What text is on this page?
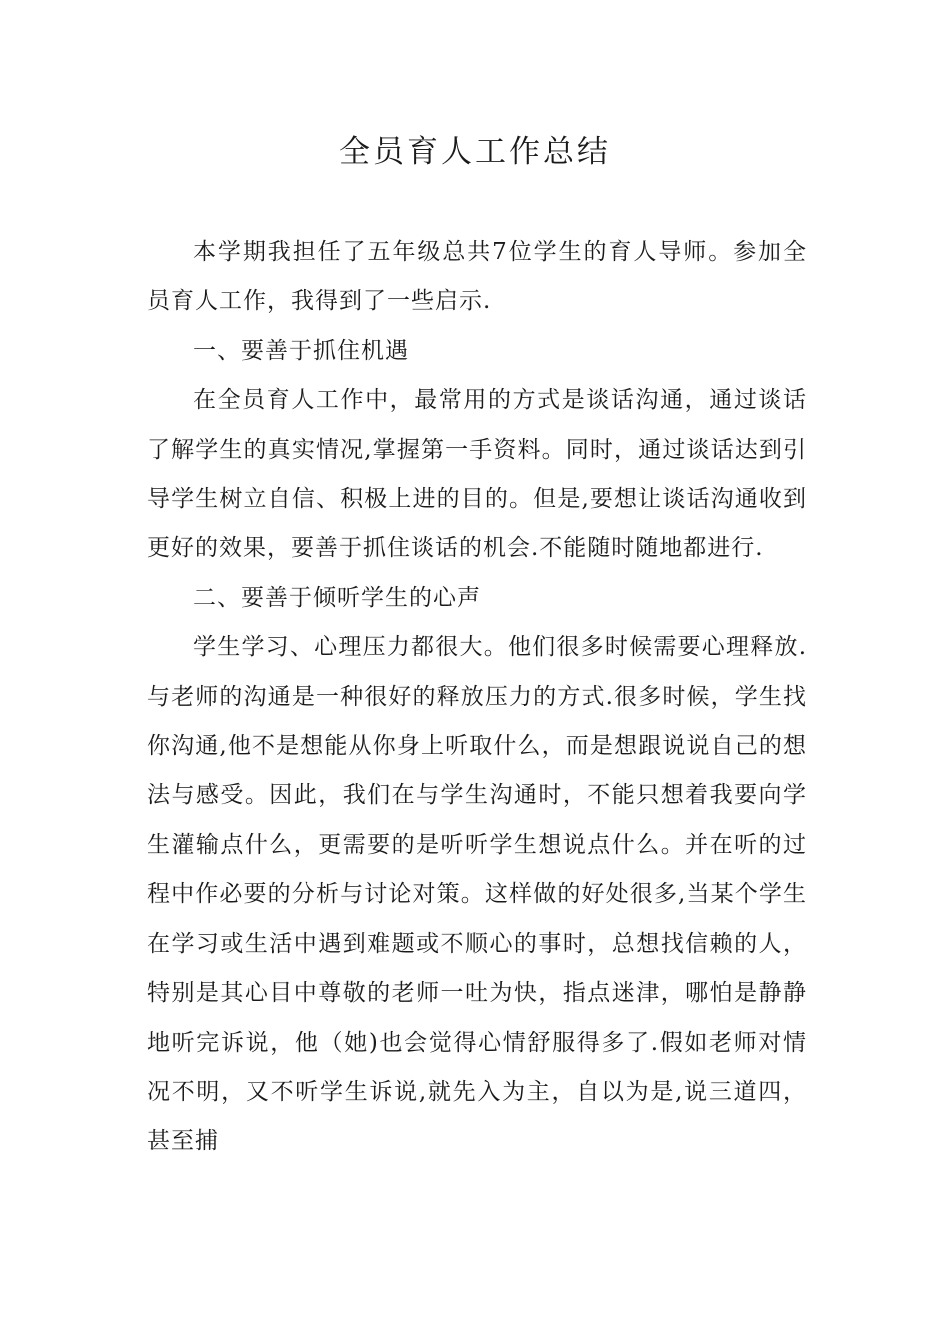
全员育人工作总结

本学期我担任了五年级总共7位学生的育人导师。参加全员育人工作，我得到了一些启示.

一、要善于抓住机遇

在全员育人工作中，最常用的方式是谈话沟通，通过谈话了解学生的真实情况,掌握第一手资料。同时，通过谈话达到引导学生树立自信、积极上进的目的。但是,要想让谈话沟通收到更好的效果，要善于抓住谈话的机会.不能随时随地都进行.

二、要善于倾听学生的心声

学生学习、心理压力都很大。他们很多时候需要心理释放.与老师的沟通是一种很好的释放压力的方式.很多时候，学生找你沟通,他不是想能从你身上听取什么，而是想跟说说自己的想法与感受。因此，我们在与学生沟通时，不能只想着我要向学生灌输点什么，更需要的是听听学生想说点什么。并在听的过程中作必要的分析与讨论对策。这样做的好处很多,当某个学生在学习或生活中遇到难题或不顺心的事时，总想找信赖的人，特别是其心目中尊敬的老师一吐为快，指点迷津，哪怕是静静地听完诉说，他（她)也会觉得心情舒服得多了.假如老师对情况不明，又不听学生诉说,就先入为主，自以为是,说三道四，甚至捕
